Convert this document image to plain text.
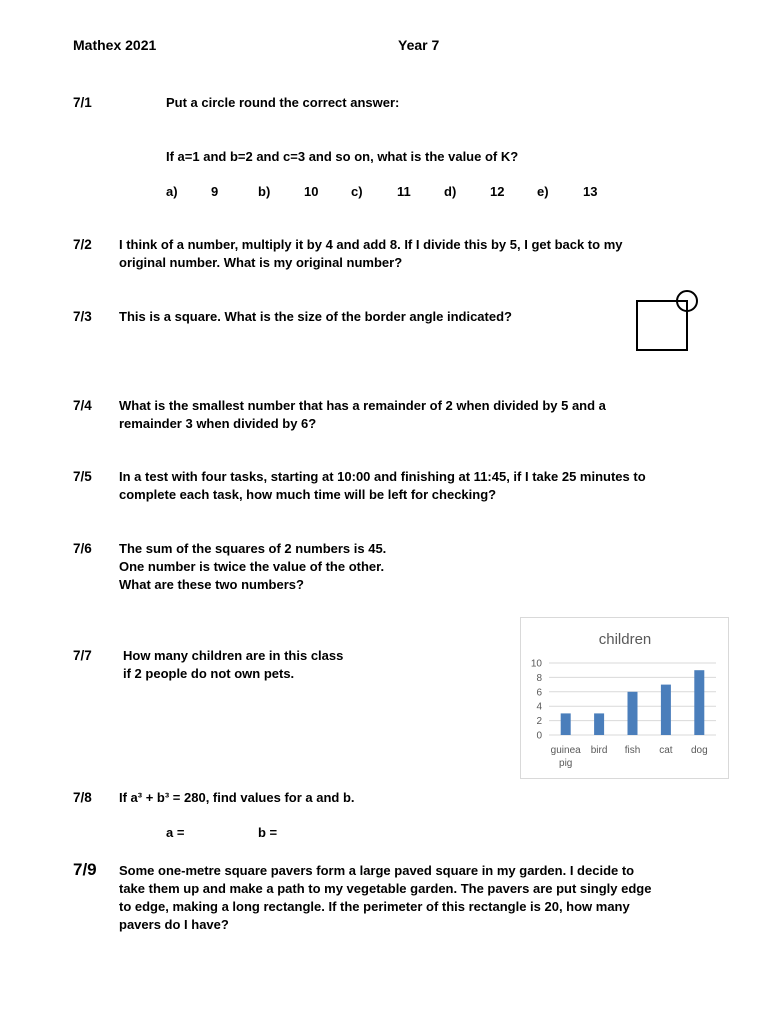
Mathex 2021	Year 7
7/1	Put a circle round the correct answer:
If a=1 and b=2 and c=3 and so on, what is the value of K?
a)	9	b)	10	c)	11	d)	12	e)	13
7/2 I think of a number, multiply it by 4 and add 8. If I divide this by 5, I get back to my
original number. What is my original number?
7/3 This is a square. What is the size of the border angle indicated?
7/4 What is the smallest number that has a remainder of 2 when divided by 5 and a
remainder 3 when divided by 6?
7/5 In a test with four tasks, starting at 10:00 and finishing at 11:45, if I take 25 minutes to
complete each task, how much time will be left for checking?
7/6 The sum of the squares of 2 numbers is 45.
One number is twice the value of the other.
What are these two numbers?
7/7 How many children are in this class
if 2 people do not own pets.
children
0
2
4
6
8
10
guinea pig
bird fish cat dog
7/8 If a³ + b³ = 280, find values for a and b.
a =	b =
7/9 Some one-metre square pavers form a large paved square in my garden. I decide to
take them up and make a path to my vegetable garden. The pavers are put singly edge
to edge, making a long rectangle. If the perimeter of this rectangle is 20, how many
pavers do I have?
